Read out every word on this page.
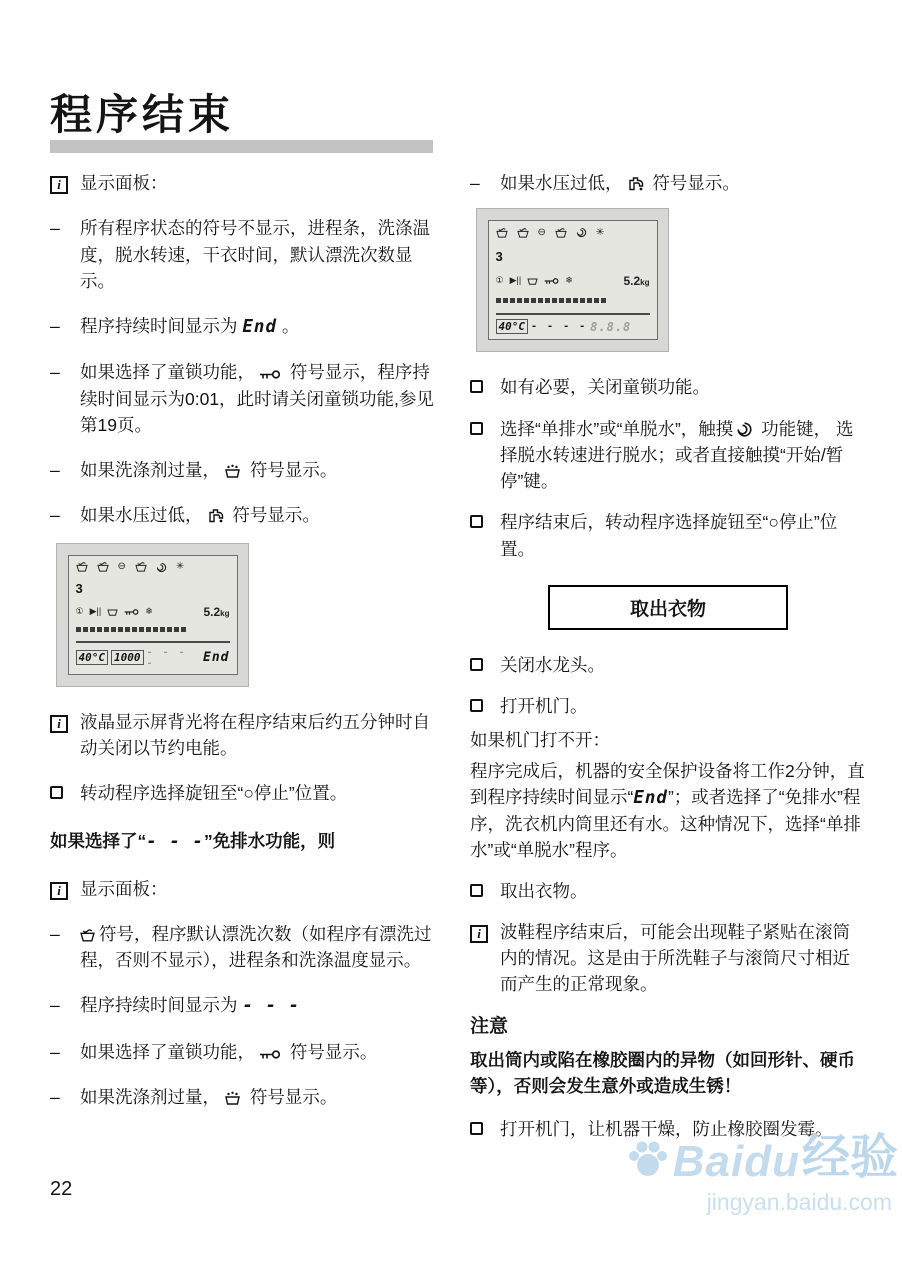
程序结束
i	显示面板：
–	所有程序状态的符号不显示，进程条，洗涤温度，脱水转速，干衣时间，默认漂洗次数显示。
–	程序持续时间显示为 End 。
–	如果选择了童锁功能，
符号显示，程序持续时间显示为0:01，此时请关闭童锁功能,参见第19页。
–	如果洗涤剂过量，
符号显示。
–	如果水压过低，
符号显示。
⊖	✳
3
① ▶||	❄	5.2kg
40°C 1000 - - - -	End
i	液晶显示屏背光将在程序结束后约五分钟时自动关闭以节约电能。
转动程序选择旋钮至“○停止”位置。
如果选择了“- - -”免排水功能，则
i	显示面板：
–	符号，程序默认漂洗次数（如程序有漂洗过程，否则不显示），进程条和洗涤温度显示。
–	程序持续时间显示为 - - -
–	如果选择了童锁功能，
符号显示。
–	如果洗涤剂过量，
符号显示。
–	如果水压过低，
符号显示。
⊖	✳
3
① ▶||	❄	5.2kg
40°C - - - - 8.8.8
如有必要，关闭童锁功能。
选择“单排水”或“单脱水”，触摸
功能键， 选择脱水转速进行脱水；或者直接触摸“开始/暂停”键。
程序结束后，转动程序选择旋钮至“○停止”位置。
取出衣物
关闭水龙头。
打开机门。
如果机门打不开：
程序完成后，机器的安全保护设备将工作2分钟，直到程序持续时间显示“End”；或者选择了“免排水”程序，洗衣机内筒里还有水。这种情况下，选择“单排水”或“单脱水”程序。
取出衣物。
i	波鞋程序结束后，可能会出现鞋子紧贴在滚筒内的情况。这是由于所洗鞋子与滚筒尺寸相近而产生的正常现象。
注意
取出筒内或陷在橡胶圈内的异物（如回形针、硬币等），否则会发生意外或造成生锈！
打开机门，让机器干燥，防止橡胶圈发霉。
22
Baidu 经验
jingyan.baidu.com
